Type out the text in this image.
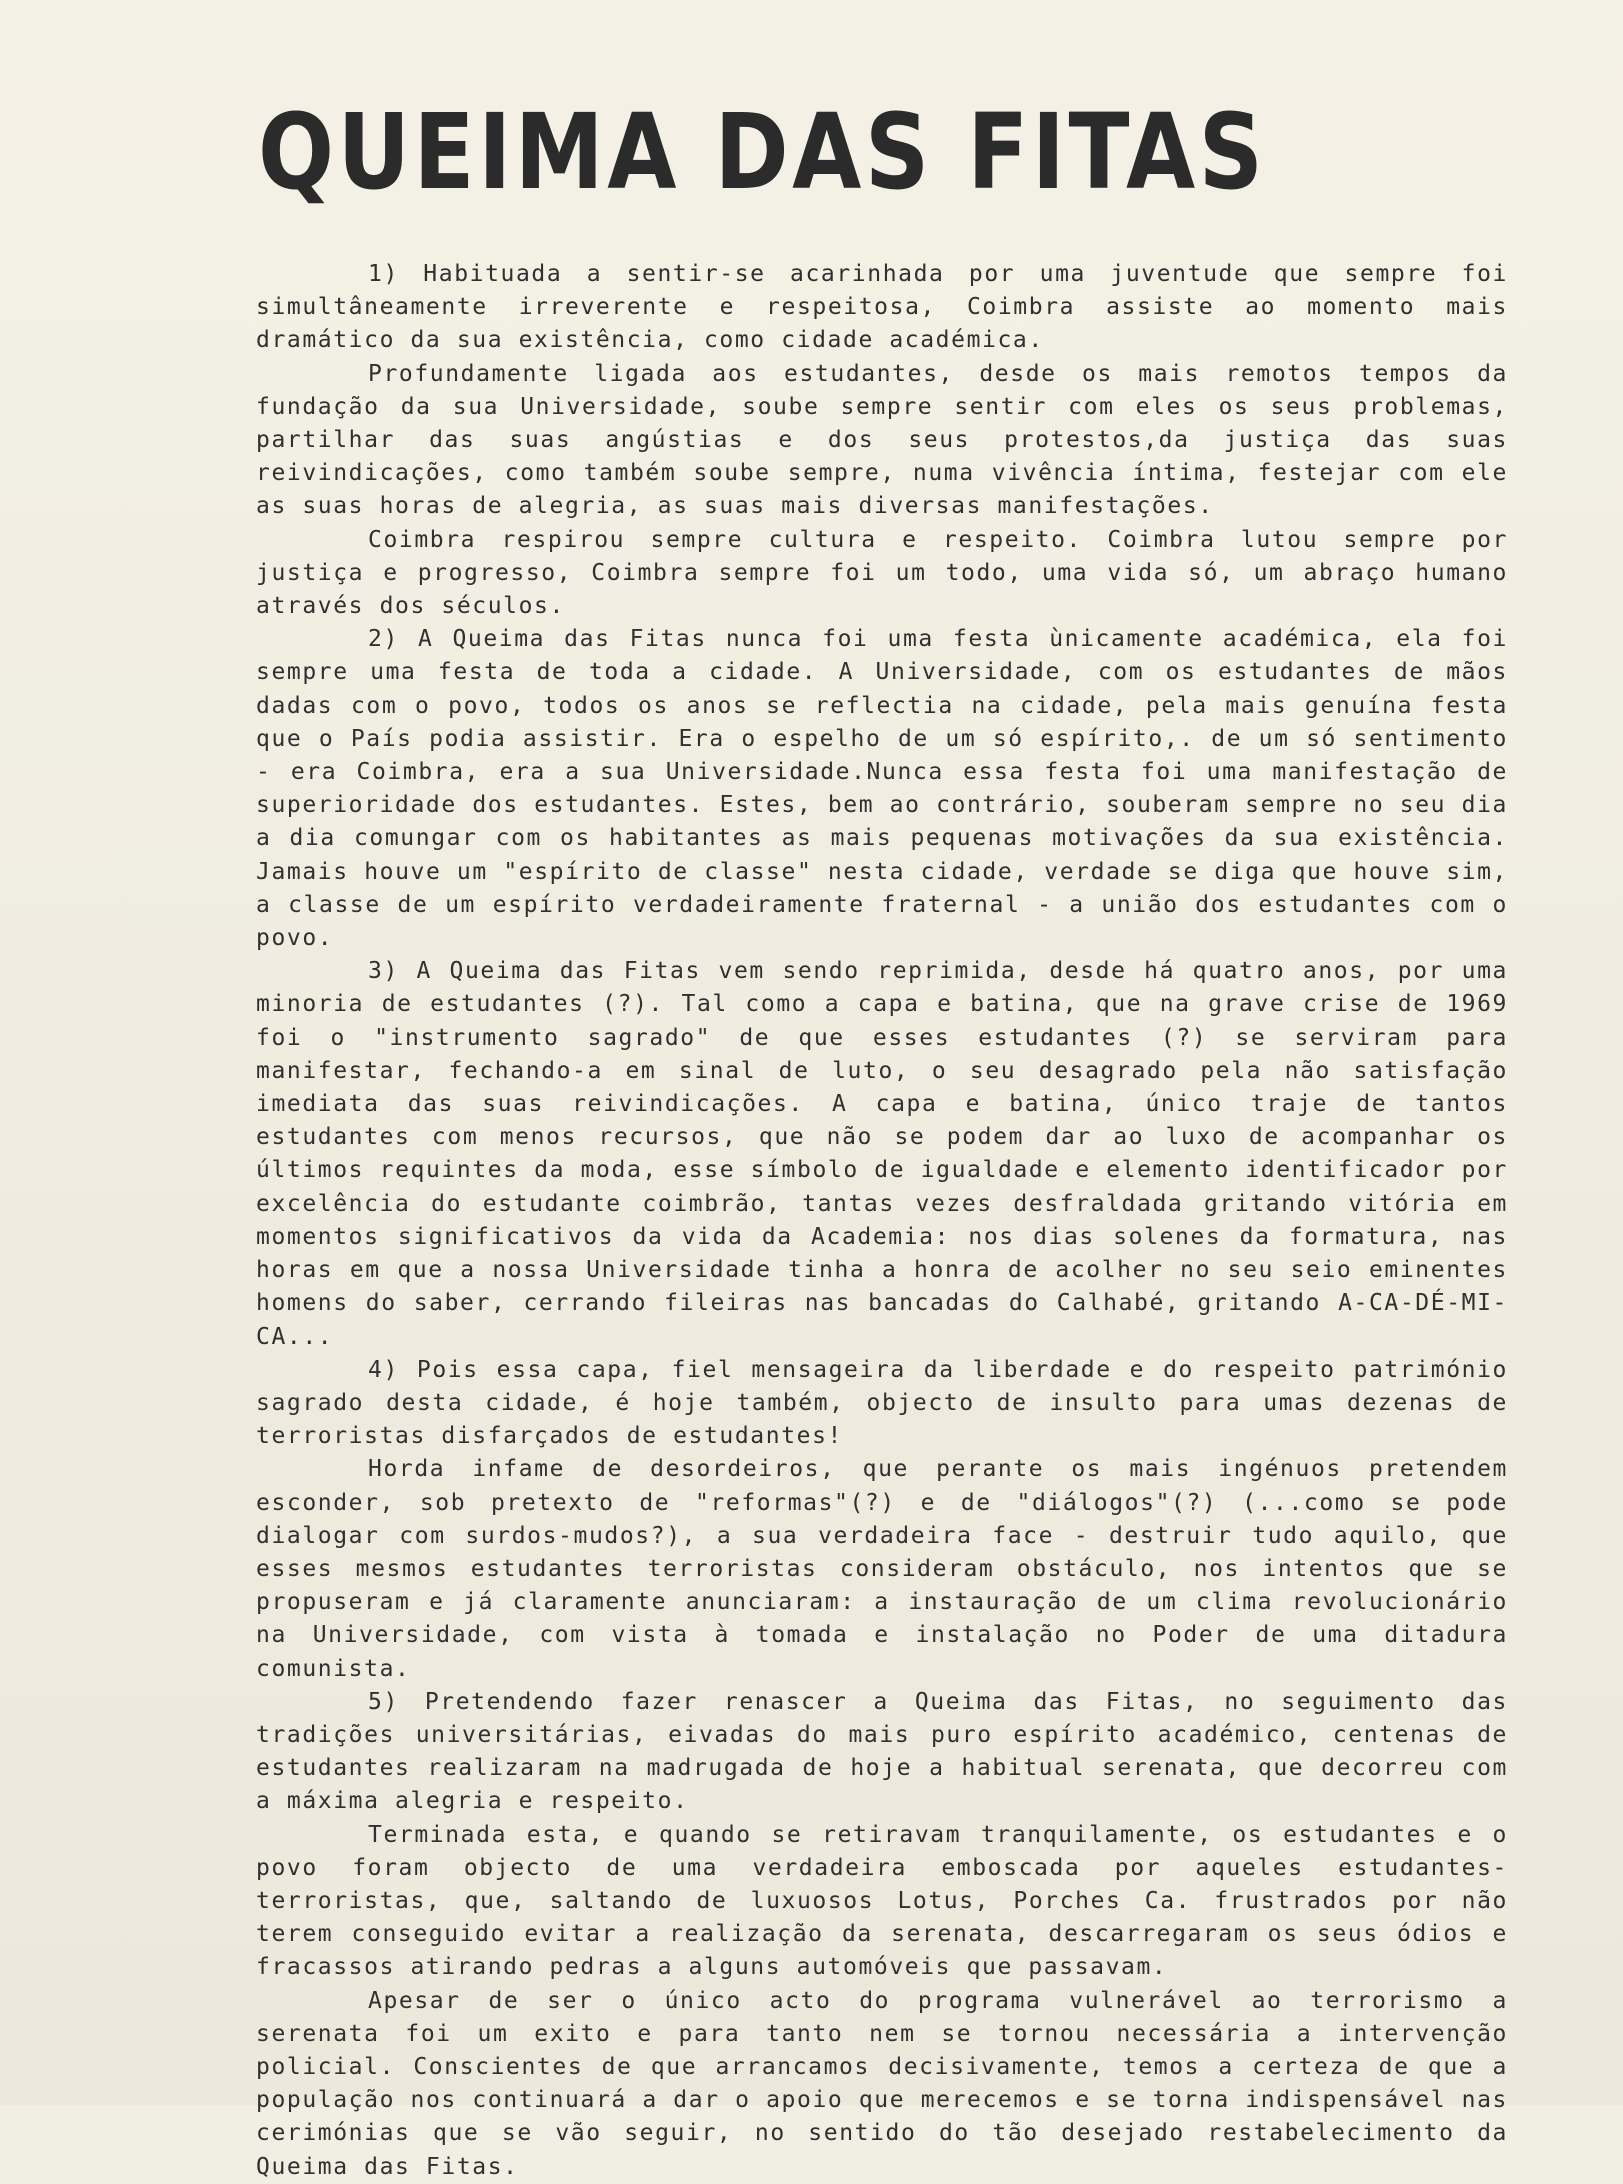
QUEIMA DAS FITAS

1) Habituada a sentir-se acarinhada por uma juventude que sempre foi simultâneamente irreverente e respeitosa, Coimbra assiste ao momento mais dramático da sua existência, como cidade académica.

Profundamente ligada aos estudantes, desde os mais remotos tempos da fundação da sua Universidade, soube sempre sentir com eles os seus problemas, partilhar das suas angústias e dos seus protestos,da justiça das suas reivindicações, como também soube sempre, numa vivência íntima, festejar com ele as suas horas de alegria, as suas mais diversas manifestações.

Coimbra respirou sempre cultura e respeito. Coimbra lutou sempre por justiça e progresso, Coimbra sempre foi um todo, uma vida só, um abraço humano através dos séculos.

2) A Queima das Fitas nunca foi uma festa ùnicamente académica, ela foi sempre uma festa de toda a cidade. A Universidade, com os estudantes de mãos dadas com o povo, todos os anos se reflectia na cidade, pela mais genuína festa que o País podia assistir. Era o espelho de um só espírito,. de um só sentimento - era Coimbra, era a sua Universidade.Nunca essa festa foi uma manifestação de superioridade dos estudantes. Estes, bem ao contrário, souberam sempre no seu dia a dia comungar com os habitantes as mais pequenas motivações da sua existência. Jamais houve um "espírito de classe" nesta cidade, verdade se diga que houve sim, a classe de um espírito verdadeiramente fraternal - a união dos estudantes com o povo.

3) A Queima das Fitas vem sendo reprimida, desde há quatro anos, por uma minoria de estudantes (?). Tal como a capa e batina, que na grave crise de 1969 foi o "instrumento sagrado" de que esses estudantes (?) se serviram para manifestar, fechando-a em sinal de luto, o seu desagrado pela não satisfação imediata das suas reivindicações. A capa e batina, único traje de tantos estudantes com menos recursos, que não se podem dar ao luxo de acompanhar os últimos requintes da moda, esse símbolo de igualdade e elemento identificador por excelência do estudante coimbrão, tantas vezes desfraldada gritando vitória em momentos significativos da vida da Academia: nos dias solenes da formatura, nas horas em que a nossa Universidade tinha a honra de acolher no seu seio eminentes homens do saber, cerrando fileiras nas bancadas do Calhabé, gritando A-CA-DÉ-MI-CA...

4) Pois essa capa, fiel mensageira da liberdade e do respeito património sagrado desta cidade, é hoje também, objecto de insulto para umas dezenas de terroristas disfarçados de estudantes!

Horda infame de desordeiros, que perante os mais ingénuos pretendem esconder, sob pretexto de "reformas"(?) e de "diálogos"(?) (...como se pode dialogar com surdos-mudos?), a sua verdadeira face - destruir tudo aquilo, que esses mesmos estudantes terroristas consideram obstáculo, nos intentos que se propuseram e já claramente anunciaram: a instauração de um clima revolucionário na Universidade, com vista à tomada e instalação no Poder de uma ditadura comunista.

5) Pretendendo fazer renascer a Queima das Fitas, no seguimento das tradições universitárias, eivadas do mais puro espírito académico, centenas de estudantes realizaram na madrugada de hoje a habitual serenata, que decorreu com a máxima alegria e respeito.

Terminada esta, e quando se retiravam tranquilamente, os estudantes e o povo foram objecto de uma verdadeira emboscada por aqueles estudantes-terroristas, que, saltando de luxuosos Lotus, Porches Ca. frustrados por não terem conseguido evitar a realização da serenata, descarregaram os seus ódios e fracassos atirando pedras a alguns automóveis que passavam.

Apesar de ser o único acto do programa vulnerável ao terrorismo a serenata foi um exito e para tanto nem se tornou necessária a intervenção policial. Conscientes de que arrancamos decisivamente, temos a certeza de que a população nos continuará a dar o apoio que merecemos e se torna indispensável nas cerimónias que se vão seguir, no sentido do tão desejado restabelecimento da Queima das Fitas.
